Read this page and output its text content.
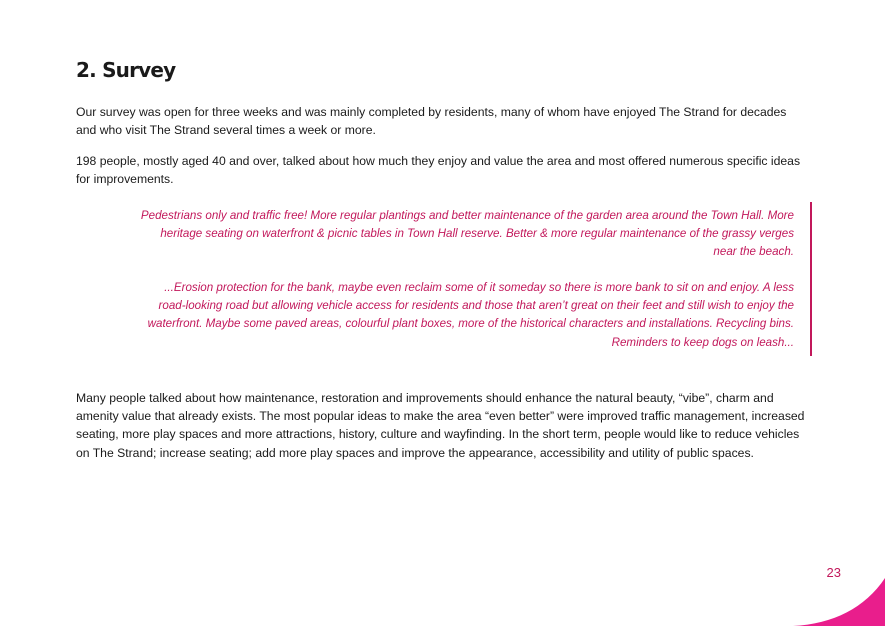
2. Survey

Our survey was open for three weeks and was mainly completed by residents, many of whom have enjoyed The Strand for decades and who visit The Strand several times a week or more.

198 people, mostly aged 40 and over, talked about how much they enjoy and value the area and most offered numerous specific ideas for improvements.

Pedestrians only and traffic free! More regular plantings and better maintenance of the garden area around the Town Hall. More heritage seating on waterfront & picnic tables in Town Hall reserve. Better & more regular maintenance of the grassy verges near the beach.

...Erosion protection for the bank, maybe even reclaim some of it someday so there is more bank to sit on and enjoy. A less road-looking road but allowing vehicle access for residents and those that aren’t great on their feet and still wish to enjoy the waterfront. Maybe some paved areas, colourful plant boxes, more of the historical characters and installations. Recycling bins. Reminders to keep dogs on leash...

Many people talked about how maintenance, restoration and improvements should enhance the natural beauty, “vibe”, charm and amenity value that already exists. The most popular ideas to make the area “even better” were improved traffic management, increased seating, more play spaces and more attractions, history, culture and wayfinding. In the short term, people would like to reduce vehicles on The Strand; increase seating; add more play spaces and improve the appearance, accessibility and utility of public spaces.

23
